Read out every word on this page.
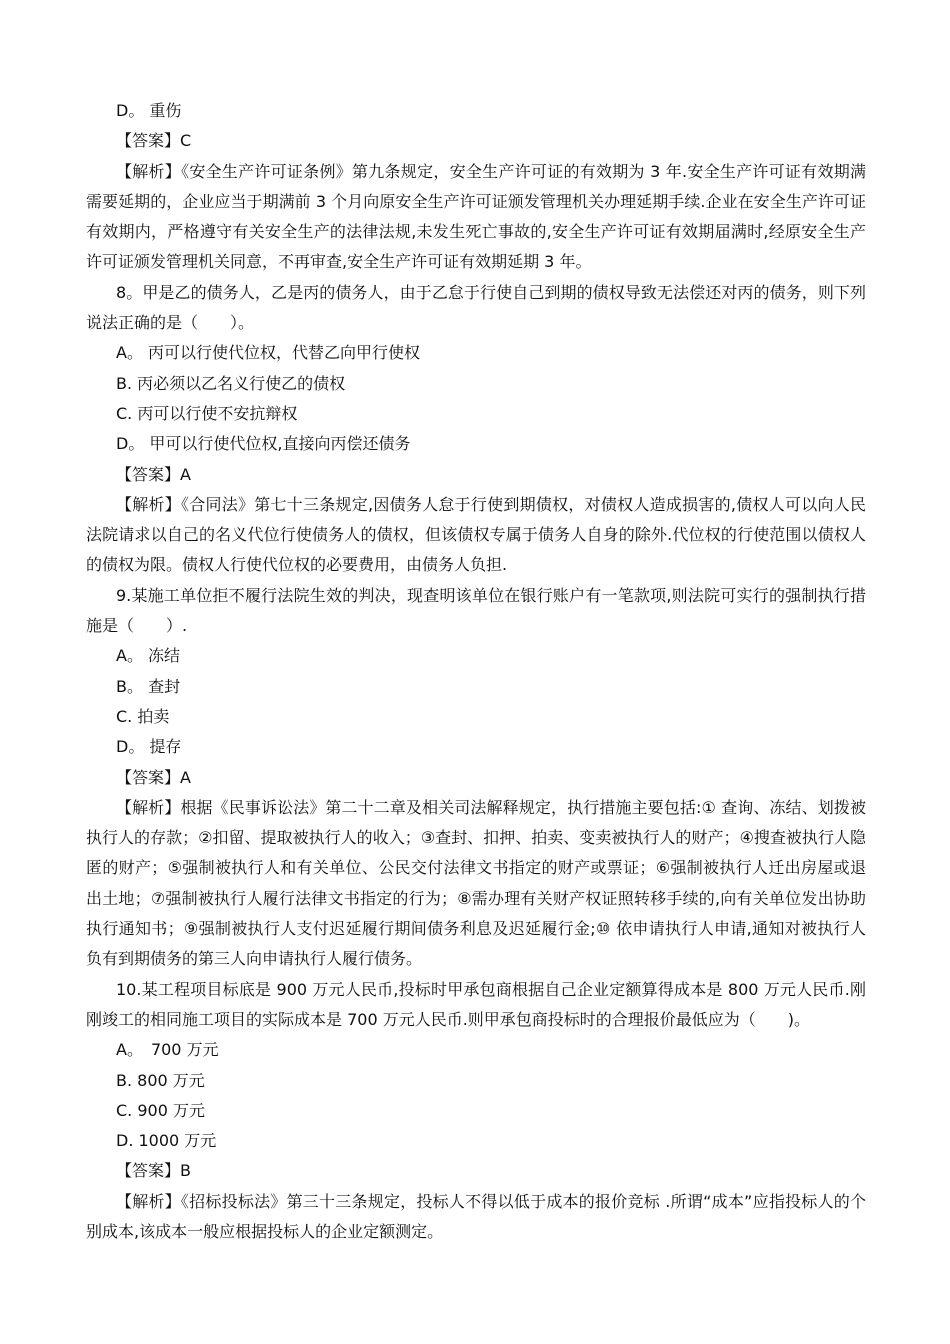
D。 重伤

【答案】C

【解析】《安全生产许可证条例》第九条规定，安全生产许可证的有效期为 3 年.安全生产许可证有效期满需要延期的，企业应当于期满前 3 个月向原安全生产许可证颁发管理机关办理延期手续.企业在安全生产许可证有效期内，严格遵守有关安全生产的法律法规,未发生死亡事故的,安全生产许可证有效期届满时,经原安全生产许可证颁发管理机关同意，不再审查,安全生产许可证有效期延期 3 年。

8。甲是乙的债务人，乙是丙的债务人，由于乙怠于行使自己到期的债权导致无法偿还对丙的债务，则下列说法正确的是（　　）。

A。 丙可以行使代位权，代替乙向甲行使权

B. 丙必须以乙名义行使乙的债权

C. 丙可以行使不安抗辩权

D。 甲可以行使代位权,直接向丙偿还债务

【答案】A

【解析】《合同法》第七十三条规定,因债务人怠于行使到期债权，对债权人造成损害的,债权人可以向人民法院请求以自己的名义代位行使债务人的债权，但该债权专属于债务人自身的除外.代位权的行使范围以债权人的债权为限。债权人行使代位权的必要费用，由债务人负担.

9.某施工单位拒不履行法院生效的判决，现查明该单位在银行账户有一笔款项,则法院可实行的强制执行措施是（　　）.

A。 冻结

B。 查封

C. 拍卖

D。 提存

【答案】A

【解析】根据《民事诉讼法》第二十二章及相关司法解释规定，执行措施主要包括:① 查询、冻结、划拨被执行人的存款；②扣留、提取被执行人的收入；③查封、扣押、拍卖、变卖被执行人的财产；④搜查被执行人隐匿的财产；⑤强制被执行人和有关单位、公民交付法律文书指定的财产或票证；⑥强制被执行人迁出房屋或退出土地；⑦强制被执行人履行法律文书指定的行为；⑧需办理有关财产权证照转移手续的,向有关单位发出协助执行通知书；⑨强制被执行人支付迟延履行期间债务利息及迟延履行金;⑩ 依申请执行人申请,通知对被执行人负有到期债务的第三人向申请执行人履行债务。

10.某工程项目标底是 900 万元人民币,投标时甲承包商根据自己企业定额算得成本是 800 万元人民币.刚刚竣工的相同施工项目的实际成本是 700 万元人民币.则甲承包商投标时的合理报价最低应为（　　)。

A。　700 万元

B. 800 万元

C. 900 万元

D. 1000 万元

【答案】B

【解析】《招标投标法》第三十三条规定，投标人不得以低于成本的报价竞标 .所谓“成本”应指投标人的个别成本,该成本一般应根据投标人的企业定额测定。
